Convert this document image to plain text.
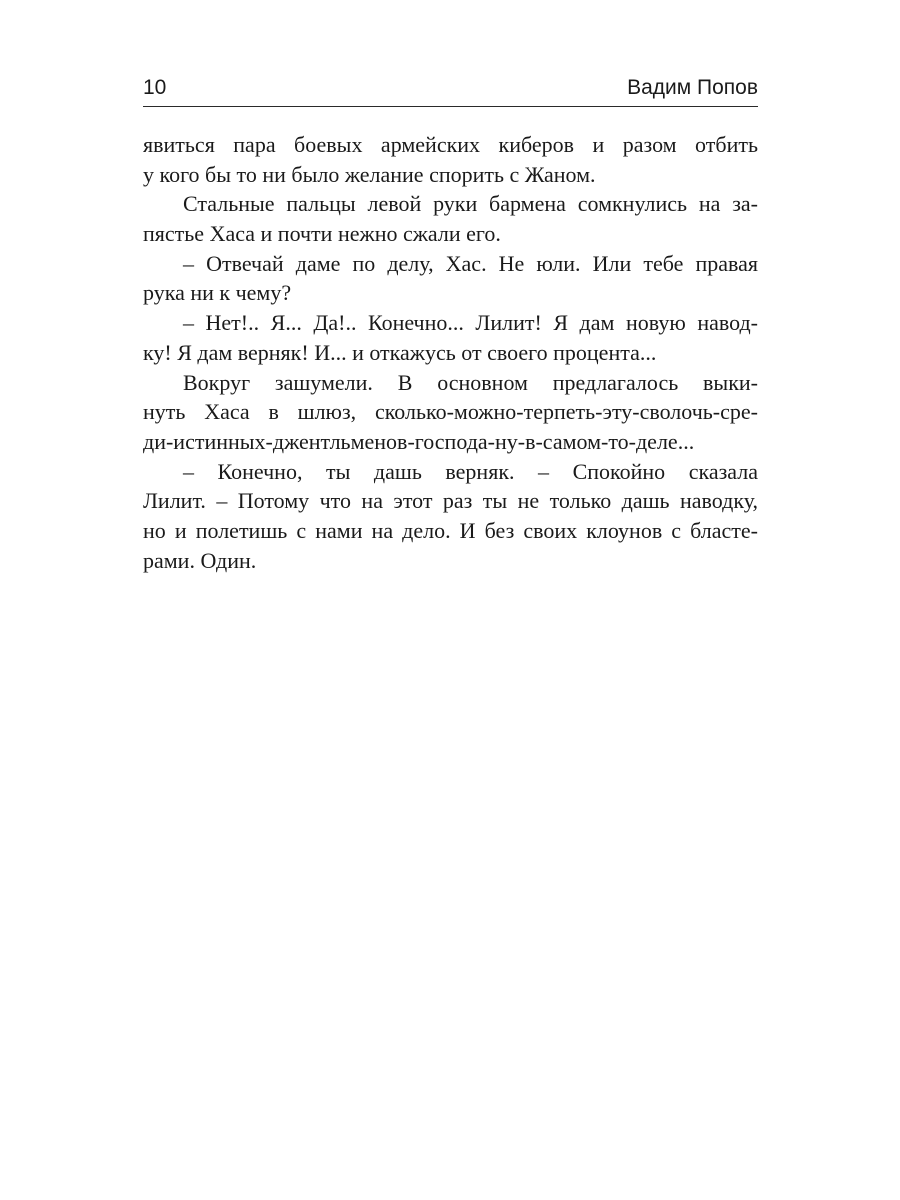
10	Вадим Попов
явиться пара боевых армейских киберов и разом отбить
у кого бы то ни было желание спорить с Жаном.
Стальные пальцы левой руки бармена сомкнулись на за-
пястье Хаса и почти нежно сжали его.
– Отвечай даме по делу, Хас. Не юли. Или тебе правая
рука ни к чему?
– Нет!.. Я... Да!.. Конечно... Лилит! Я дам новую навод-
ку! Я дам верняк! И... и откажусь от своего процента...
Вокруг зашумели. В основном предлагалось выки-
нуть Хаса в шлюз, сколько-можно-терпеть-эту-сволочь-сре-
ди-истинных-джентльменов-господа-ну-в-самом-то-деле...
– Конечно, ты дашь верняк. – Спокойно сказала
Лилит. – Потому что на этот раз ты не только дашь наводку,
но и полетишь с нами на дело. И без своих клоунов с бласте-
рами. Один.
